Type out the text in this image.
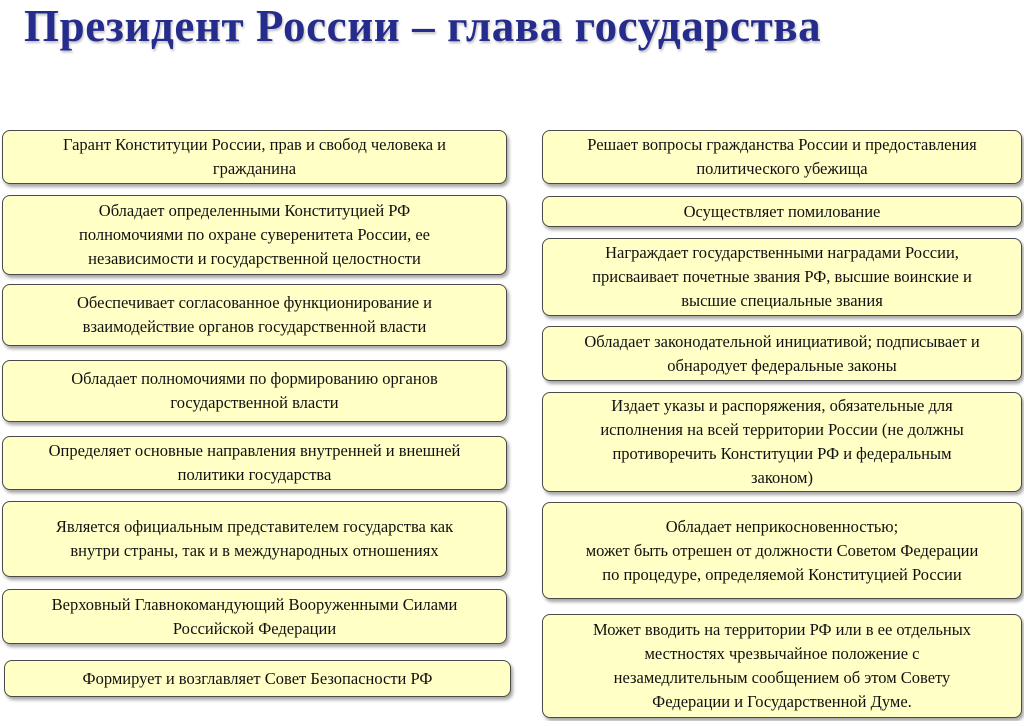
Президент России – глава государства
Гарант Конституции России, прав и свобод человека и
гражданина
Обладает определенными Конституцией РФ
полномочиями по охране суверенитета России, ее
независимости и государственной целостности
Обеспечивает согласованное функционирование и
взаимодействие органов государственной власти
Обладает полномочиями по формированию органов
государственной власти
Определяет основные направления внутренней и внешней
политики государства
Является официальным представителем государства как
внутри страны, так и в международных отношениях
Верховный Главнокомандующий Вооруженными Силами
Российской Федерации
Формирует и возглавляет Совет Безопасности РФ
Решает вопросы гражданства России и предоставления
политического убежища
Осуществляет помилование
Награждает государственными наградами России,
присваивает почетные звания РФ, высшие воинские и
высшие специальные звания
Обладает законодательной инициативой; подписывает и
обнародует федеральные законы
Издает указы и распоряжения, обязательные для
исполнения на всей территории России (не должны
противоречить Конституции РФ и федеральным
законом)
Обладает неприкосновенностью;
может быть отрешен от должности Советом Федерации
по процедуре, определяемой Конституцией России
Может вводить на территории РФ или в ее отдельных
местностях чрезвычайное положение с
незамедлительным сообщением об этом Совету
Федерации и Государственной Думе.
